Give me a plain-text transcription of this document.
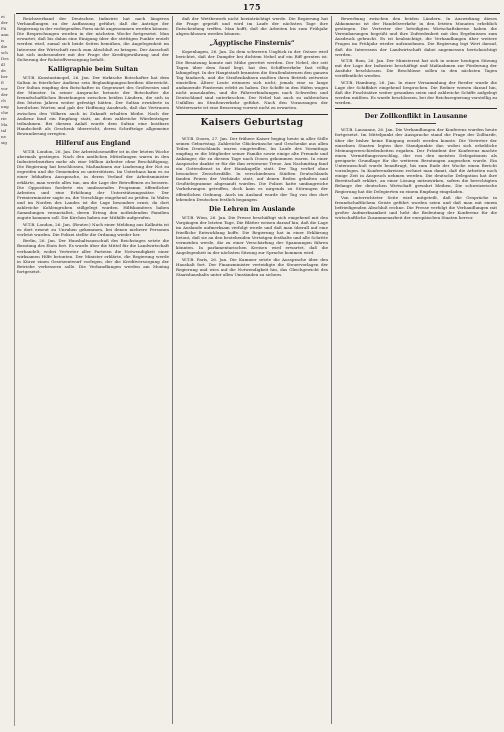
175
ei
der
Fü
ann
is
die
sch
Des
ill
de
ber
E
vor
der
ch
ung
che
rie
Ma
tal
ne
sig

Reichsverband der Deutschen Industrie hat nach längeren Verhandlungen zu der Auffassung geführt, daß die Anträge der Regierung in der vorliegenden Form nicht angenommen werden können. Die Besprechungen werden in der nächsten Woche fortgesetzt. Man erwartet, daß bis dahin eine Einigung über die strittigen Punkte erzielt werden wird, zumal sich beide Seiten bemühen, die Angelegenheit im Interesse der Wirtschaft rasch zum Abschluß zu bringen. Der Ausschuß hat sich insbesondere mit der Frage der Kreditgewährung und der Sicherung der Rohstoffversorgung befaßt.

Kalligraphie beim Sultan

W.T.B. Konstantinopel, 26. Jan. Der türkische Botschafter hat dem Sultan in feierlicher Audienz sein Beglaubigungsschreiben überreicht. Der Sultan empfing den Botschafter in Gegenwart des Großwesirs und der Minister. In seiner Ansprache betonte der Botschafter die freundschaftlichen Beziehungen zwischen beiden Ländern, die sich in den letzten Jahren weiter gefestigt hätten. Der Sultan erwiderte in herzlichen Worten und gab der Hoffnung Ausdruck, daß das Vertrauen zwischen den Völkern auch in Zukunft erhalten bleibe. Nach der Audienz fand ein Empfang statt, an dem zahlreiche Würdenträger teilnahmen. Bei diesem Anlaß wurde dem Sultan eine kostbare Handschrift als Geschenk überreicht, deren Schriftzüge allgemeine Bewunderung erregten.

Hilferuf aus England

W.T.B. London, 26. Jan. Die Arbeitslosenziffer ist in der letzten Woche abermals gestiegen. Nach den amtlichen Mitteilungen waren in den Industriebezirken mehr als eine Million Arbeiter ohne Beschäftigung. Die Regierung hat beschlossen, Maßnahmen zur Linderung der Not zu ergreifen und die Gemeinden zu unterstützen. Im Unterhaus kam es zu einer lebhaften Aussprache, in deren Verlauf der Arbeitsminister erklärte, man werde alles tun, um die Lage der Betroffenen zu bessern. Die Opposition forderte ein umfassendes Programm öffentlicher Arbeiten und eine Erhöhung der Unterstützungssätze. Der Premierminister sagte zu, die Vorschläge eingehend zu prüfen. In Wales und im Norden des Landes ist die Lage besonders ernst, da dort zahlreiche Kohlengruben stillgelegt wurden. Hilfskomitees haben Sammlungen veranstaltet, deren Ertrag den notleidenden Familien zugute kommen soll. Die Kirchen haben zur Mithilfe aufgerufen.

W.T.B. London, 26. Jan. (Reuter.) Nach einer Meldung aus Kalkutta ist es dort erneut zu Unruhen gekommen, bei denen mehrere Personen verletzt wurden. Die Polizei stellte die Ordnung wieder her.

Berlin, 26. Jan. Der Haushaltsausschuß des Reichstages setzte die Beratung des Etats fort. Es wurde über die Mittel für die Landwirtschaft verhandelt, wobei Vertreter aller Parteien die Notwendigkeit einer wirksamen Hilfe betonten. Der Minister erklärte, die Regierung werde in Kürze einen Gesetzentwurf vorlegen, der die Kreditversorgung der Betriebe verbessern solle. Die Verhandlungen werden am Montag fortgesetzt.

daß der Wettbewerb nicht beeinträchtigt werde. Die Regierung hat die Frage geprüft und wird im Laufe der nächsten Tage ihre Entscheidung treffen. Man hofft, daß die Arbeiten bis zum Frühjahr abgeschlossen werden können.

„Ägyptische Finsternis“

Kopenhagen, 26. Jan. Zu dem schweren Unglück in der Ostsee wird berichtet, daß der Dampfer bei dichtem Nebel auf ein Riff geraten ist. Die Besatzung konnte mit Mühe gerettet werden. Der Nebel, der seit Tagen über dem Sund liegt, hat den Schiffsverkehr fast völlig lahmgelegt. In der Hauptstadt brannten die Straßenlaternen den ganzen Tag hindurch, und die Straßenbahnen mußten ihren Betrieb zeitweise einstellen. Ältere Leute erinnern sich nicht, jemals eine so lange andauernde Finsternis erlebt zu haben. Die Schiffe in den Häfen wagen nicht auszulaufen, und die Fährverbindungen nach Schweden und Deutschland sind unterbrochen. Der Nebel hat auch zu zahlreichen Unfällen im Straßenverkehr geführt. Nach den Voraussagen der Wetterwarte ist eine Besserung vorerst nicht zu erwarten.

Kaisers Geburtstag

W.T.B. Doorn, 27. Jan. Der frühere Kaiser beging heute in aller Stille seinen Geburtstag. Zahlreiche Glückwünsche und Geschenke aus allen Teilen Deutschlands waren eingetroffen. Im Laufe des Vormittags empfing er die Mitglieder seiner Familie sowie einige alte Freunde und Anhänger, die zu diesem Tage nach Doorn gekommen waren. In einer Ansprache dankte er für die ihm erwiesene Treue. Am Nachmittag fand ein Gottesdienst in der Hauskapelle statt. Der Tag verlief ohne besondere Zwischenfälle. In verschiedenen Städten Deutschlands fanden Feiern der Verbände statt, auf denen Reden gehalten und Grußtelegramme abgesandt wurden. Die Polizei hatte umfangreiche Vorkehrungen getroffen, doch kam es nirgends zu Störungen der öffentlichen Ordnung. Auch im Ausland wurde der Tag von den dort lebenden Deutschen festlich begangen.

Die Lehren im Auslande

W.T.B. Wien, 26. Jan. Die Presse beschäftigt sich eingehend mit den Vorgängen der letzten Tage. Die Blätter weisen darauf hin, daß die Lage im Auslande aufmerksam verfolgt werde und daß man überall auf eine friedliche Entwicklung hoffe. Die Regierung hat in einer Erklärung betont, daß sie an den bestehenden Verträgen festhalte und alle Schritte vermeiden werde, die zu einer Verschärfung der Spannungen führen könnten. In parlamentarischen Kreisen wird erwartet, daß die Angelegenheit in der nächsten Sitzung zur Sprache kommen wird.

W.T.B. Paris, 26. Jan. Die Kammer setzte die Aussprache über den Haushalt fort. Der Finanzminister verteidigte die Steuervorlagen der Regierung und wies auf die Notwendigkeit hin, das Gleichgewicht des Staatshaushalts unter allen Umständen zu sichern.

Bewerbung zwischen den beiden Ländern. In Auswirkung dieses Abkommens ist der Handelsverkehr in den letzten Monaten erheblich gestiegen. Die Vertreter der beteiligten Wirtschaftskreise haben die Vereinbarungen begrüßt und ihre Zufriedenheit mit den Ergebnissen zum Ausdruck gebracht. Es ist beabsichtigt, die Verhandlungen über weitere Fragen im Frühjahr wieder aufzunehmen. Die Regierung legt Wert darauf, daß die Interessen der Landwirtschaft dabei angemessen berücksichtigt werden.

W.T.B. Rom, 26. Jan. Der Ministerrat hat sich in seiner heutigen Sitzung mit der Lage der Industrie beschäftigt und Maßnahmen zur Förderung der Ausfuhr beschlossen. Die Beschlüsse sollen in den nächsten Tagen veröffentlicht werden.

W.T.B. Hamburg, 26. Jan. In einer Versammlung der Reeder wurde die Lage der Schiffahrt eingehend besprochen. Die Redner wiesen darauf hin, daß die Frachtsätze weiter gesunken seien und zahlreiche Schiffe aufgelegt werden müßten. Es wurde beschlossen, bei der Reichsregierung vorstellig zu werden.

Der Zollkonflikt in Lausanne

W.T.B. Lausanne, 26. Jan. Die Verhandlungen der Konferenz wurden heute fortgesetzt. Im Mittelpunkt der Aussprache stand die Frage der Zolltarife, über die bisher keine Einigung erzielt werden konnte. Die Vertreter der einzelnen Staaten legten ihre Standpunkte dar, wobei sich erhebliche Meinungsverschiedenheiten ergaben. Der Präsident der Konferenz machte einen Vermittlungsvorschlag, der von den meisten Delegationen als geeignete Grundlage für die weiteren Beratungen angesehen wurde. Ein Unterausschuß wurde beauftragt, bis zum Ende der Woche einen Bericht vorzulegen. In Konferenzkreisen rechnet man damit, daß die Arbeiten noch einige Zeit in Anspruch nehmen werden. Die deutsche Delegation hat ihre Bereitschaft erklärt, an einer Lösung mitzuwirken, sofern die berechtigten Belange der deutschen Wirtschaft gewahrt bleiben. Die schweizerische Regierung hat die Delegierten zu einem Empfang eingeladen.

Von unterrichteter Seite wird mitgeteilt, daß die Gespräche in freundschaftlichem Geiste geführt worden seien und daß man mit einem befriedigenden Abschluß rechne. Die Presse verfolgt die Verhandlungen mit großer Aufmerksamkeit und hebt die Bedeutung der Konferenz für die wirtschaftliche Zusammenarbeit der europäischen Staaten hervor.
